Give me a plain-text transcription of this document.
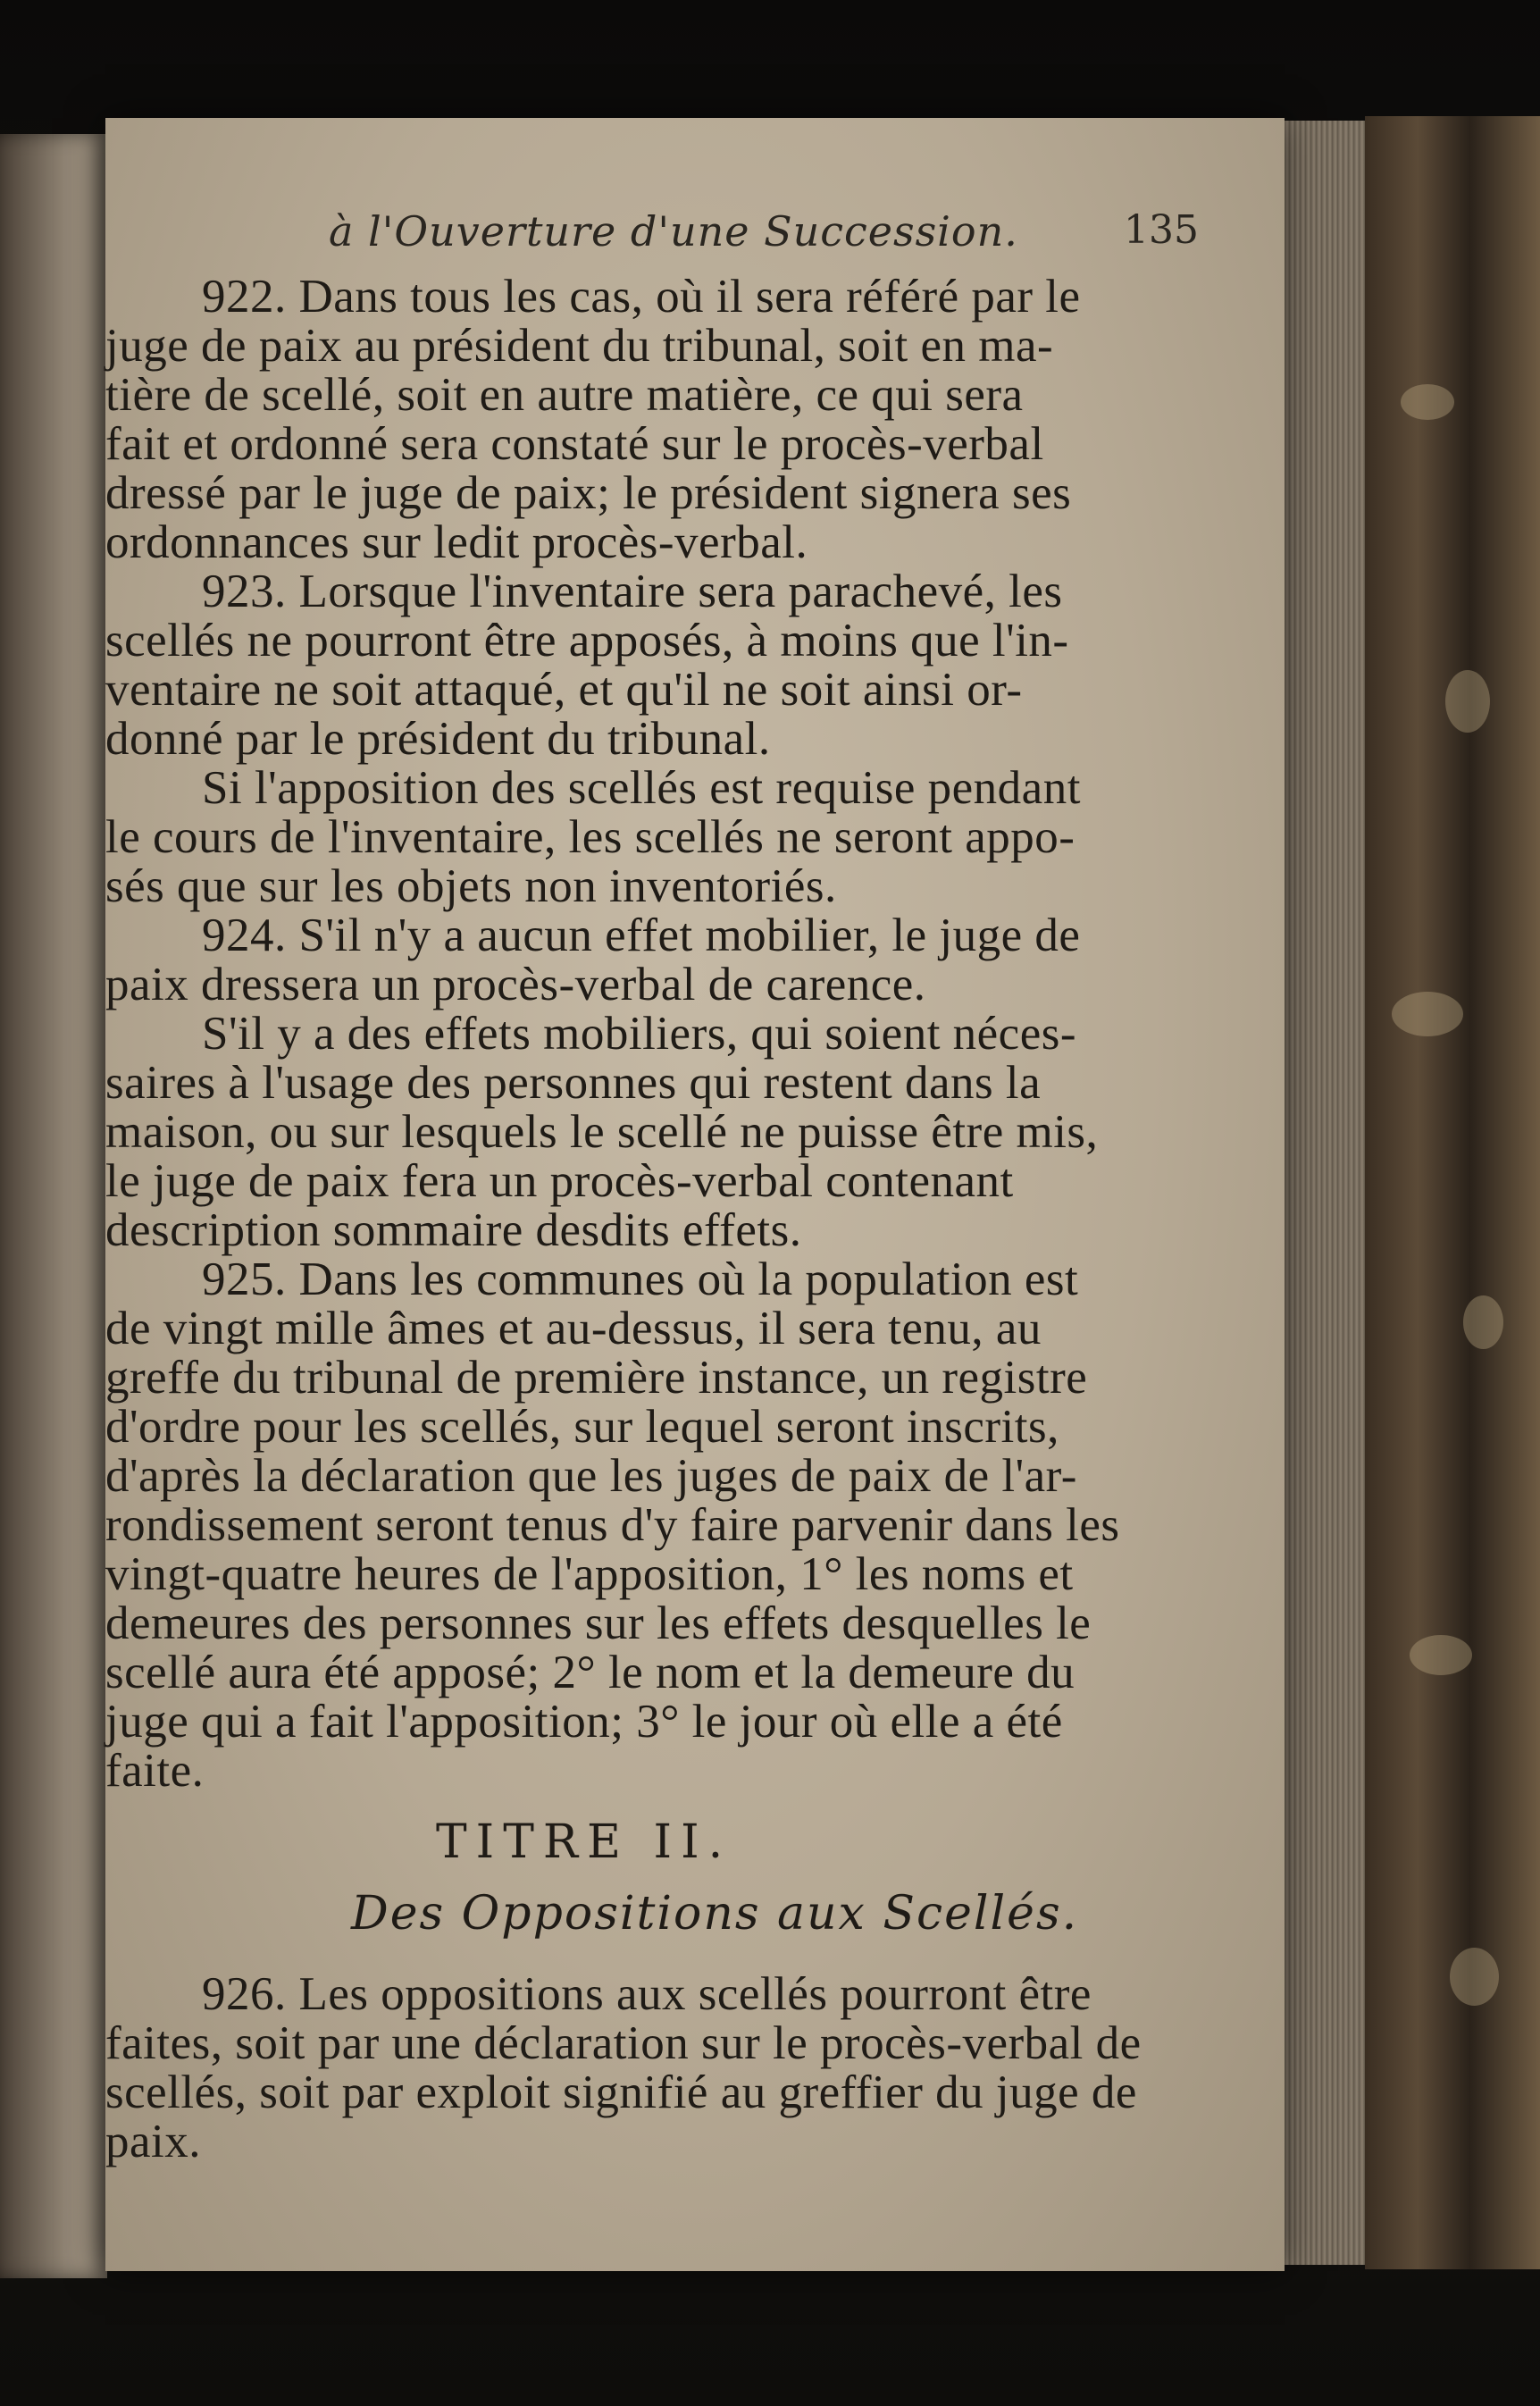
à l'Ouverture d'une Succession.	135
922. Dans tous les cas, où il sera référé par le
juge de paix au président du tribunal, soit en ma-
tière de scellé, soit en autre matière, ce qui sera
fait et ordonné sera constaté sur le procès-verbal
dressé par le juge de paix; le président signera ses
ordonnances sur ledit procès-verbal.
923. Lorsque l'inventaire sera parachevé, les
scellés ne pourront être apposés, à moins que l'in-
ventaire ne soit attaqué, et qu'il ne soit ainsi or-
donné par le président du tribunal.
Si l'apposition des scellés est requise pendant
le cours de l'inventaire, les scellés ne seront appo-
sés que sur les objets non inventoriés.
924. S'il n'y a aucun effet mobilier, le juge de
paix dressera un procès-verbal de carence.
S'il y a des effets mobiliers, qui soient néces-
saires à l'usage des personnes qui restent dans la
maison, ou sur lesquels le scellé ne puisse être mis,
le juge de paix fera un procès-verbal contenant
description sommaire desdits effets.
925. Dans les communes où la population est
de vingt mille âmes et au-dessus, il sera tenu, au
greffe du tribunal de première instance, un registre
d'ordre pour les scellés, sur lequel seront inscrits,
d'après la déclaration que les juges de paix de l'ar-
rondissement seront tenus d'y faire parvenir dans les
vingt-quatre heures de l'apposition, 1° les noms et
demeures des personnes sur les effets desquelles le
scellé aura été apposé; 2° le nom et la demeure du
juge qui a fait l'apposition; 3° le jour où elle a été
faite.
TITRE II.
Des Oppositions aux Scellés.
926. Les oppositions aux scellés pourront être
faites, soit par une déclaration sur le procès-verbal de
scellés, soit par exploit signifié au greffier du juge de
paix.
